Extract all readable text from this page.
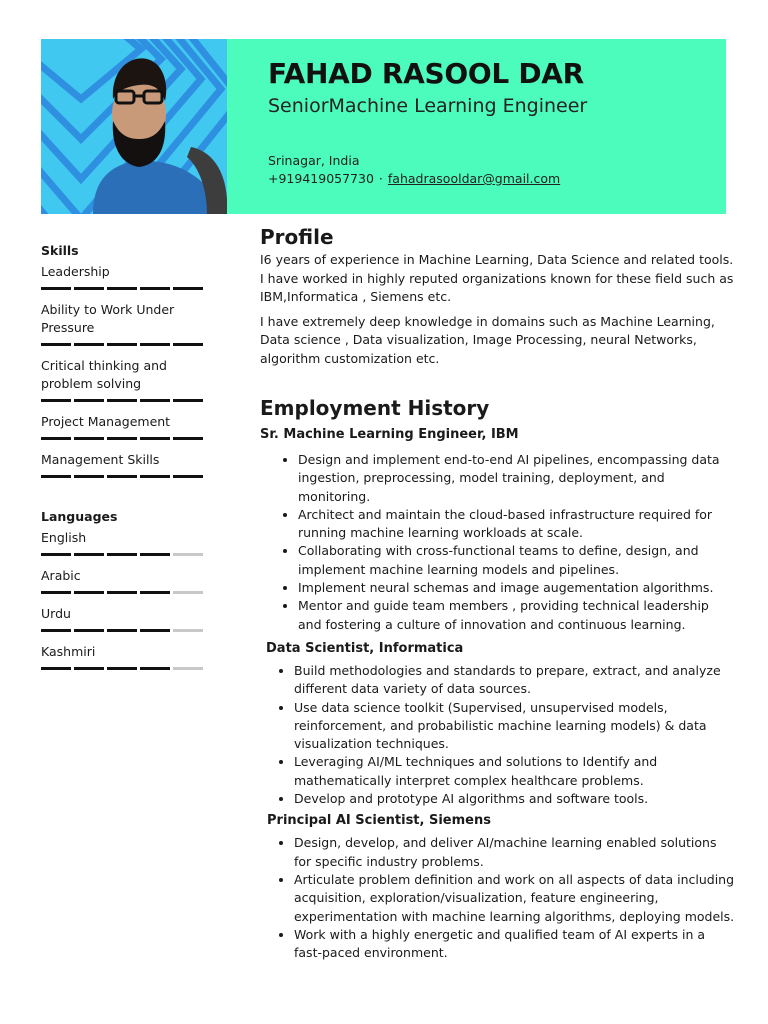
FAHAD RASOOL DAR
SeniorMachine Learning Engineer
Srinagar, India
+919419057730 · fahadrasooldar@gmail.com
Skills
Leadership
Ability to Work Under Pressure
Critical thinking and problem solving
Project Management
Management Skills
Languages
English
Arabic
Urdu
Kashmiri
Profile

I6 years of experience in Machine Learning, Data Science and related tools. I have worked in highly reputed organizations known for these field such as IBM,Informatica , Siemens etc.

I have extremely deep knowledge in domains such as Machine Learning, Data science , Data visualization, Image Processing, neural Networks, algorithm customization etc.

Employment History
Sr. Machine Learning Engineer, IBM
• Design and implement end-to-end AI pipelines, encompassing data ingestion, preprocessing, model training, deployment, and monitoring.
• Architect and maintain the cloud-based infrastructure required for running machine learning workloads at scale.
• Collaborating with cross-functional teams to define, design, and implement machine learning models and pipelines.
• Implement neural schemas and image augementation algorithms.
• Mentor and guide team members , providing technical leadership and fostering a culture of innovation and continuous learning.
Data Scientist, Informatica
• Build methodologies and standards to prepare, extract, and analyze different data variety of data sources.
• Use data science toolkit (Supervised, unsupervised models, reinforcement, and probabilistic machine learning models) & data visualization techniques.
• Leveraging AI/ML techniques and solutions to Identify and mathematically interpret complex healthcare problems.
• Develop and prototype AI algorithms and software tools.
Principal AI Scientist, Siemens
• Design, develop, and deliver AI/machine learning enabled solutions for specific industry problems.
• Articulate problem definition and work on all aspects of data including acquisition, exploration/visualization, feature engineering, experimentation with machine learning algorithms, deploying models.
• Work with a highly energetic and qualified team of AI experts in a fast-paced environment.
